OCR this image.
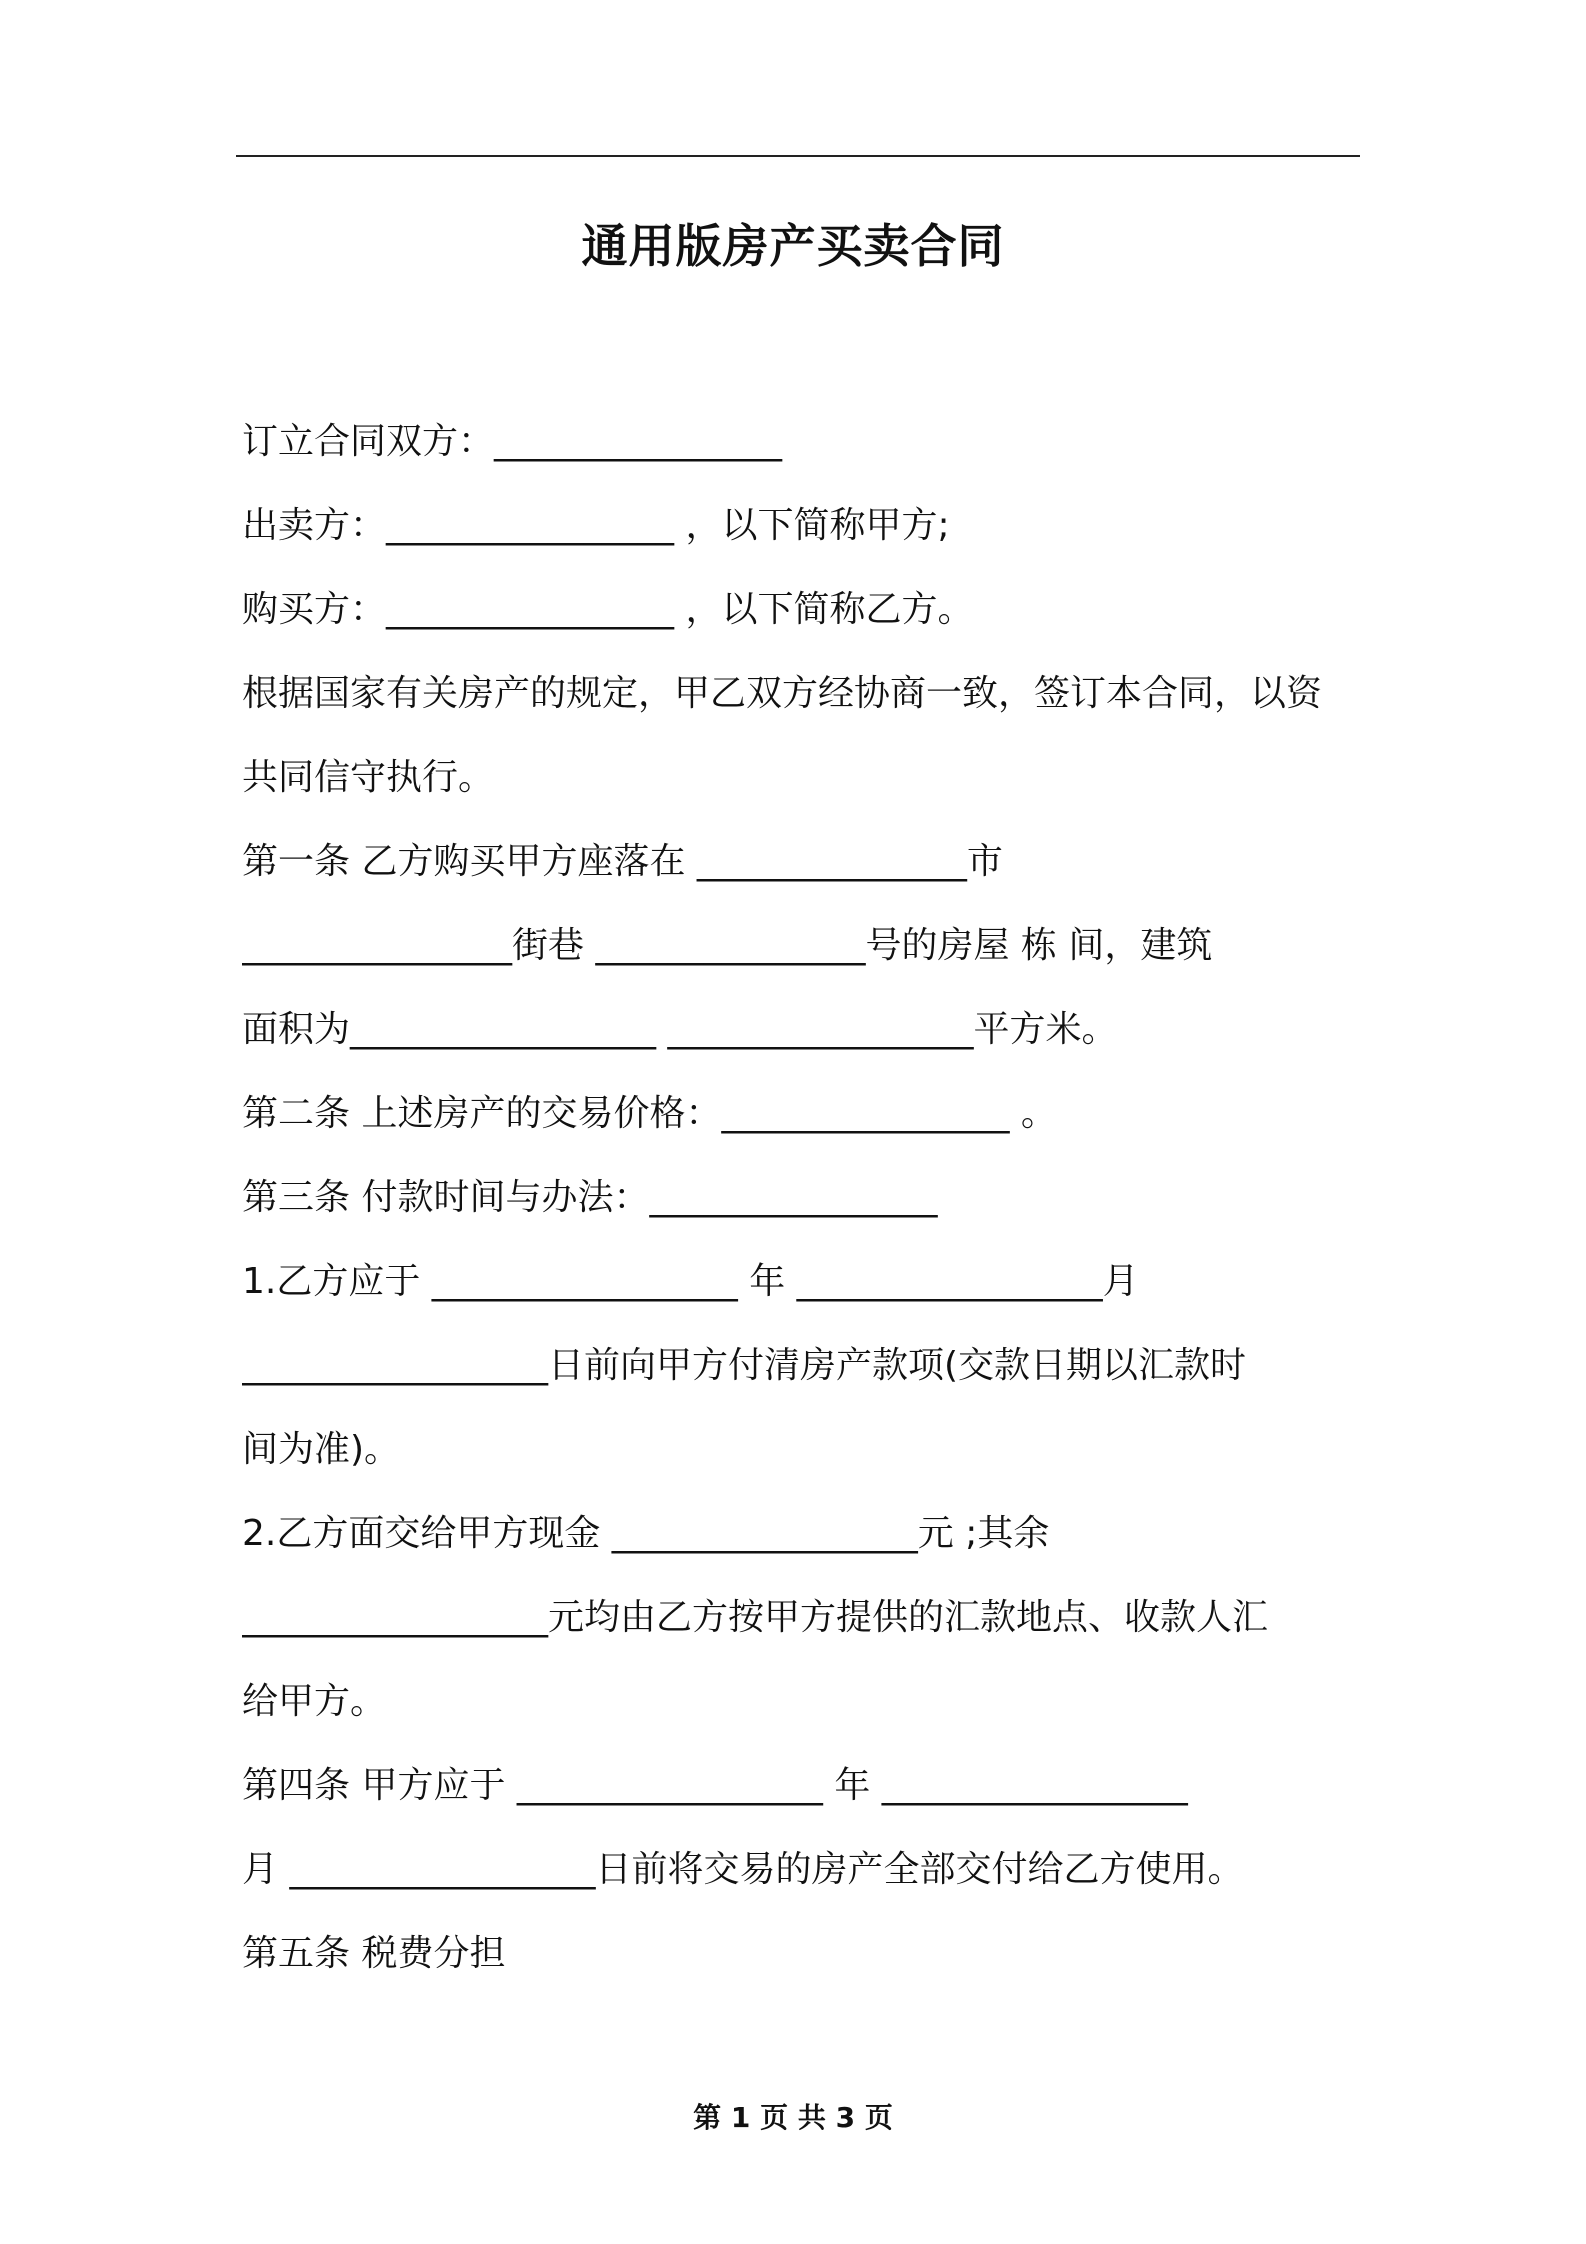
通用版房产买卖合同
订立合同双方：________________
出卖方：________________ ，以下简称甲方;
购买方：________________ ，以下简称乙方。
根据国家有关房产的规定，甲乙双方经协商一致，签订本合同，以资
共同信守执行。
第一条 乙方购买甲方座落在 _______________市
_______________街巷 _______________号的房屋 栋 间，建筑
面积为_________________ _________________平方米。
第二条 上述房产的交易价格：________________ 。
第三条 付款时间与办法：________________
1.乙方应于 _________________ 年 _________________月
_________________日前向甲方付清房产款项(交款日期以汇款时
间为准)。
2.乙方面交给甲方现金 _________________元 ;其余
_________________元均由乙方按甲方提供的汇款地点、收款人汇
给甲方。
第四条 甲方应于 _________________ 年 _________________
月 _________________日前将交易的房产全部交付给乙方使用。
第五条 税费分担
第 1 页 共 3 页
